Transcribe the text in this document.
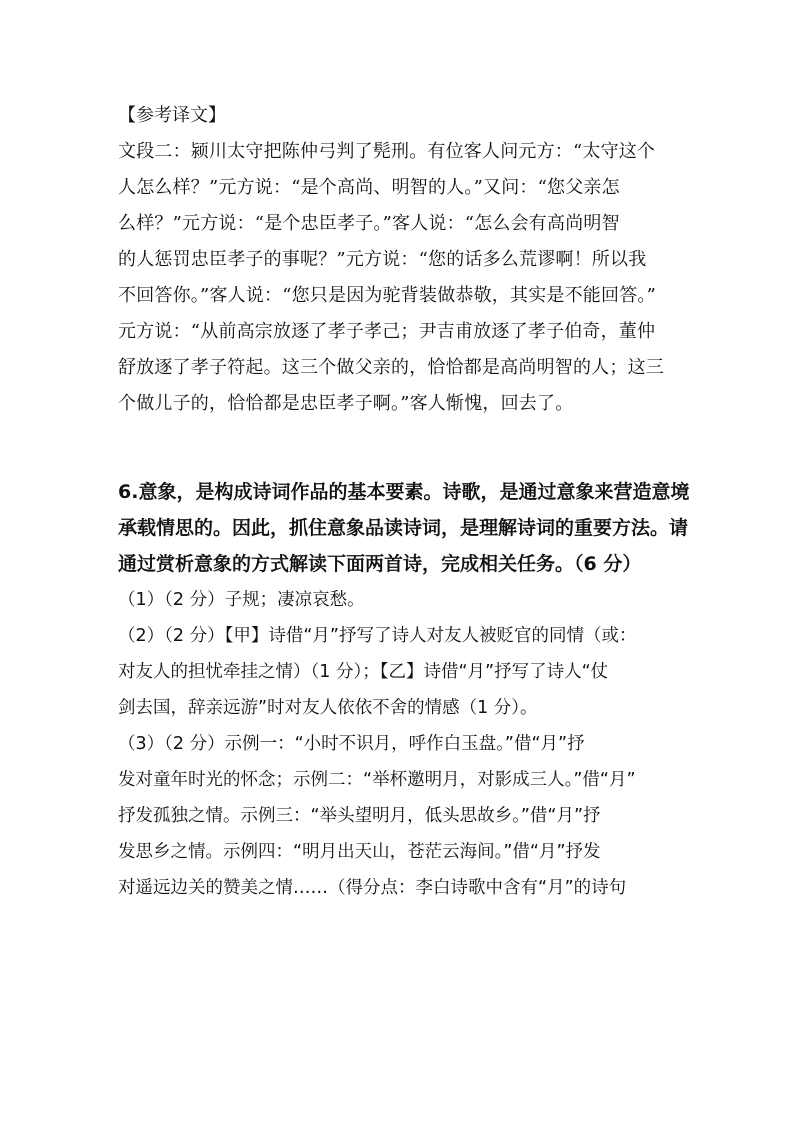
【参考译文】
文段二：颍川太守把陈仲弓判了髡刑。有位客人问元方：“太守这个
人怎么样？”元方说：“是个高尚、明智的人。”又问：“您父亲怎
么样？”元方说：“是个忠臣孝子。”客人说：“怎么会有高尚明智
的人惩罚忠臣孝子的事呢？”元方说：“您的话多么荒谬啊！所以我
不回答你。”客人说：“您只是因为驼背装做恭敬，其实是不能回答。”
元方说：“从前高宗放逐了孝子孝己；尹吉甫放逐了孝子伯奇，董仲
舒放逐了孝子符起。这三个做父亲的，恰恰都是高尚明智的人；这三
个做儿子的，恰恰都是忠臣孝子啊。”客人惭愧，回去了。
6.意象，是构成诗词作品的基本要素。诗歌，是通过意象来营造意境
承载情思的。因此，抓住意象品读诗词，是理解诗词的重要方法。请
通过赏析意象的方式解读下面两首诗，完成相关任务。（6 分）
（1）（2 分）子规；凄凉哀愁。
（2）（2 分）【甲】诗借“月”抒写了诗人对友人被贬官的同情（或：
对友人的担忧牵挂之情）（1 分）；【乙】诗借“月”抒写了诗人“仗
剑去国，辞亲远游”时对友人依依不舍的情感（1 分）。
（3）（2 分）示例一：“小时不识月，呼作白玉盘。”借“月”抒
发对童年时光的怀念；示例二：“举杯邀明月，对影成三人。”借“月”
抒发孤独之情。示例三：“举头望明月，低头思故乡。”借“月”抒
发思乡之情。示例四：“明月出天山，苍茫云海间。”借“月”抒发
对遥远边关的赞美之情……（得分点：李白诗歌中含有“月”的诗句
